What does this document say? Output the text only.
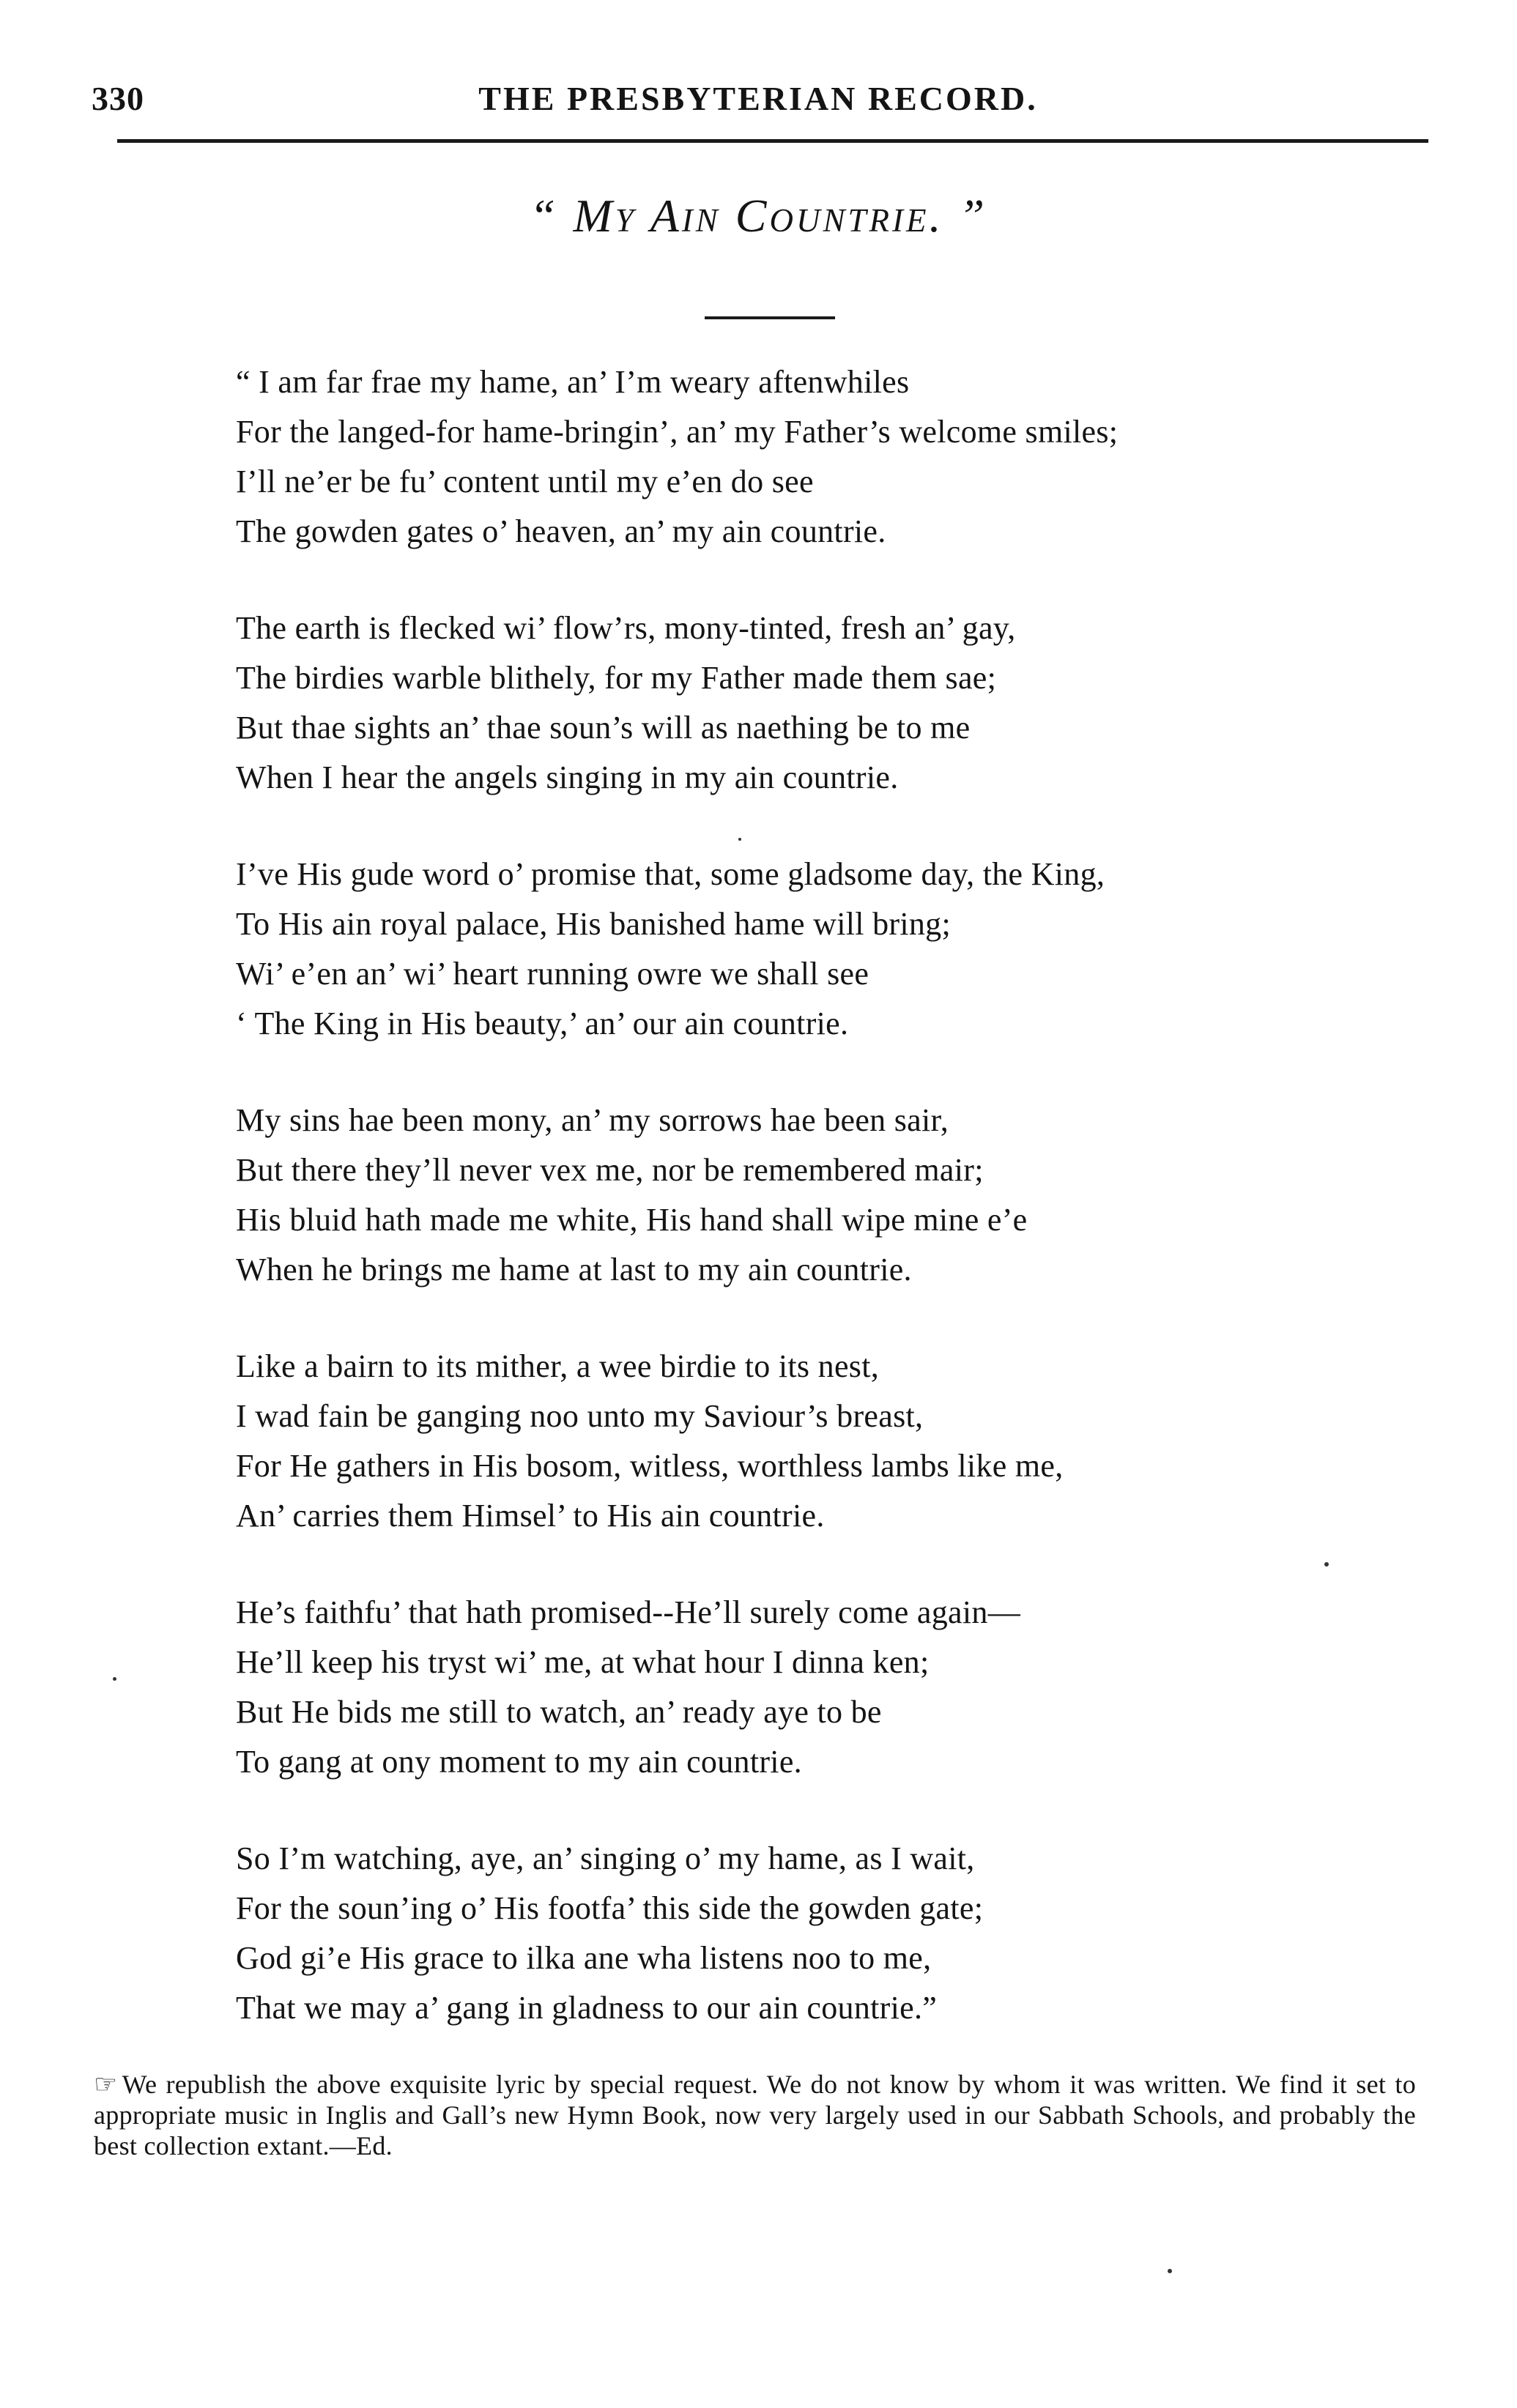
330	THE PRESBYTERIAN RECORD.
“ My Ain Countrie. ”
“ I am far frae my hame, an’ I’m weary aftenwhiles
For the langed-for hame-bringin’, an’ my Father’s welcome smiles;
I’ll ne’er be fu’ content until my e’en do see
The gowden gates o’ heaven, an’ my ain countrie.
The earth is flecked wi’ flow’rs, mony-tinted, fresh an’ gay,
The birdies warble blithely, for my Father made them sae;
But thae sights an’ thae soun’s will as naething be to me
When I hear the angels singing in my ain countrie.
I’ve His gude word o’ promise that, some gladsome day, the King,
To His ain royal palace, His banished hame will bring;
Wi’ e’en an’ wi’ heart running owre we shall see
‘ The King in His beauty,’ an’ our ain countrie.
My sins hae been mony, an’ my sorrows hae been sair,
But there they’ll never vex me, nor be remembered mair;
His bluid hath made me white, His hand shall wipe mine e’e
When he brings me hame at last to my ain countrie.
Like a bairn to its mither, a wee birdie to its nest,
I wad fain be ganging noo unto my Saviour’s breast,
For He gathers in His bosom, witless, worthless lambs like me,
An’ carries them Himsel’ to His ain countrie.
He’s faithfu’ that hath promised--He’ll surely come again—
He’ll keep his tryst wi’ me, at what hour I dinna ken;
But He bids me still to watch, an’ ready aye to be
To gang at ony moment to my ain countrie.
So I’m watching, aye, an’ singing o’ my hame, as I wait,
For the soun’ing o’ His footfa’ this side the gowden gate;
God gi’e His grace to ilka ane wha listens noo to me,
That we may a’ gang in gladness to our ain countrie.”
☞ We republish the above exquisite lyric by special request. We do not know by whom it was written. We find it set to appropriate music in Inglis and Gall’s new Hymn Book, now very largely used in our Sabbath Schools, and probably the best collection extant.—Ed.
